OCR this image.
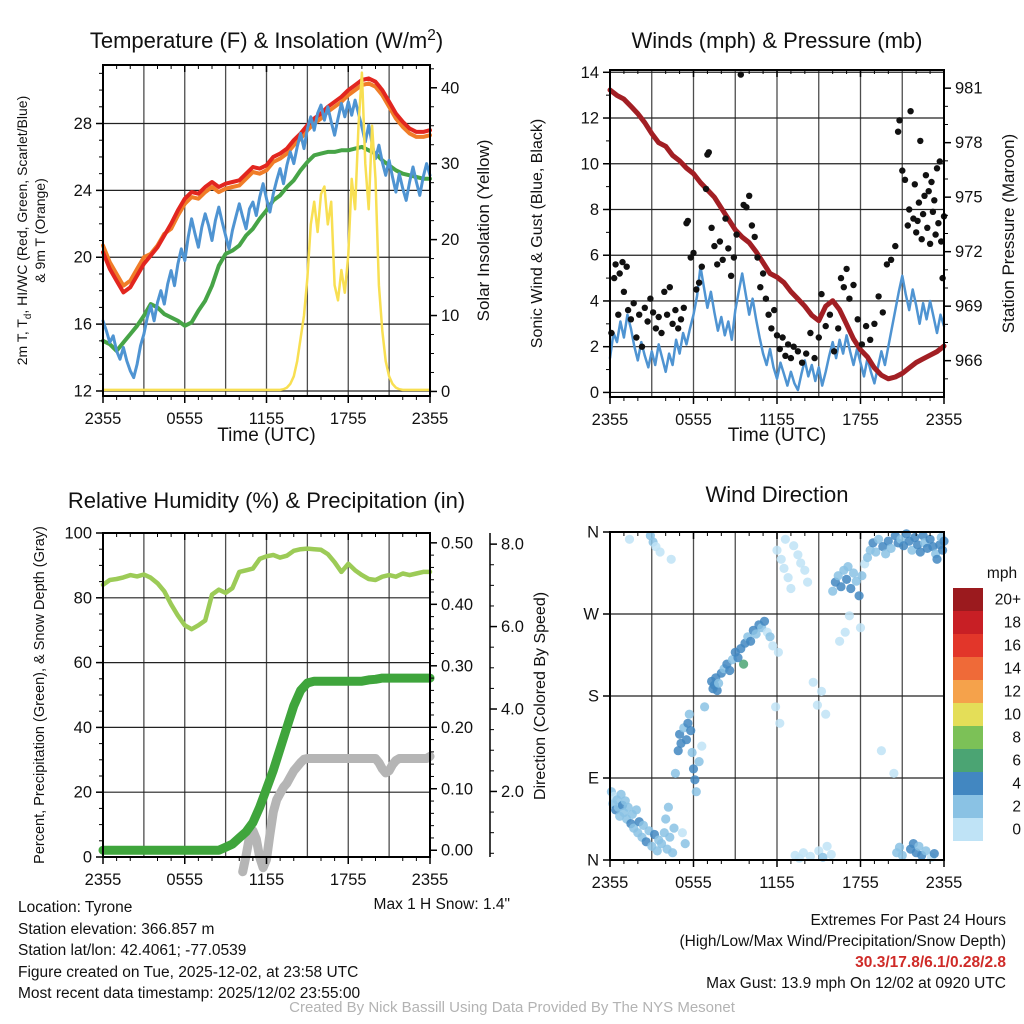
2355	0555	1155	1755	2355
12
16
20
24
28
0
10
20
30
40
2m T, $T_d$, HI/WC (Red, Green, Scarlet/Blue) & 9m T (Orange)	Solar Insolation (Yellow)
Time (UTC)
Temperature (F) & Insolation $(W/m^2)$
2355	0555	1155	1755	2355
0
2
4
6
8
10
12
14
966
969
972
975
978
981
Sonic Wind & Gust (Blue, Black)	Station Pressure (Maroon)
Time (UTC)
Winds (mph) & Pressure (mb)
2355	0555	1155	1755	2355
0
20
40
60
80
100
0.00
0.10
0.20
0.30
0.40
0.50
2.0
4.0
6.0
8.0
Percent, Precipitation (Green), & Snow Depth (Gray)
Relative Humidity (%) & Precipitation (in)
2355	0555	1155	1755	2355
N
W
S
E
N
Direction (Colored By Speed)
Wind Direction
mph
20+
18
16
14
12
10
8
6
4
2
0
Max 1 H Snow: 1.4"
Location: Tyrone
Station elevation: 366.857 m
Station lat/lon: 42.4061; -77.0539
Figure created on Tue, 2025-12-02, at 23:58 UTC
Most recent data timestamp: 2025/12/02 23:55:00
Extremes For Past 24 Hours
(High/Low/Max Wind/Precipitation/Snow Depth)
30.3/17.8/6.1/0.28/2.8
Max Gust: 13.9 mph On 12/02 at 0920 UTC
Created By Nick Bassill Using Data Provided By The NYS Mesonet
